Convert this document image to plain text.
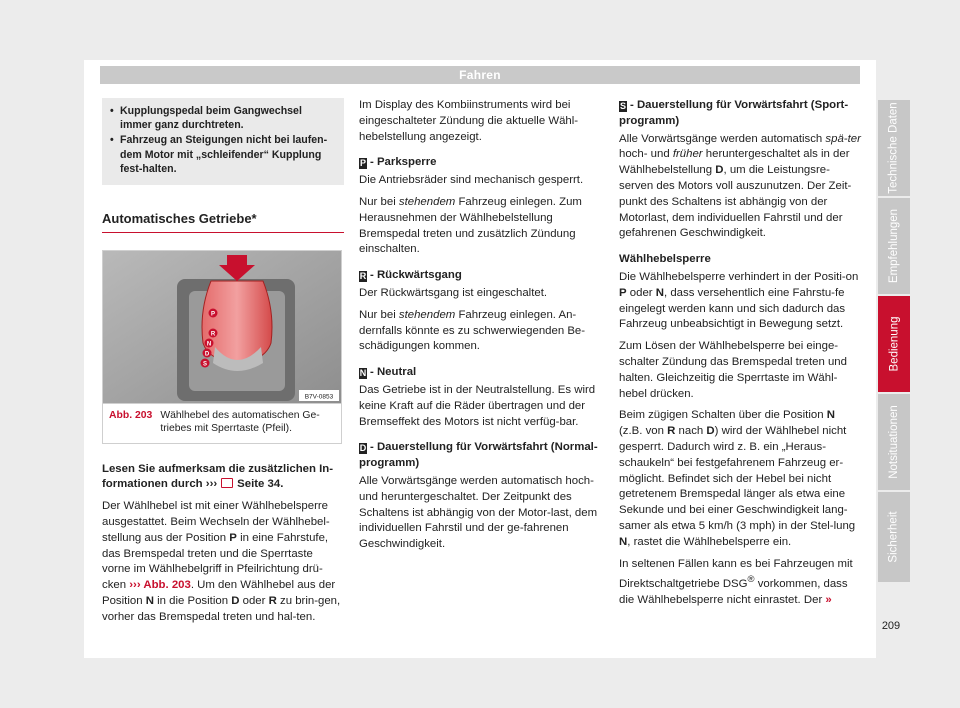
Fahren
• Kupplungspedal beim Gangwechsel immer ganz durchtreten.
• Fahrzeug an Steigungen nicht bei laufen-dem Motor mit „schleifender“ Kupplung fest-halten.
Automatisches Getriebe*
P
R
N
D
S
B7V-0853
Abb. 203 Wählhebel des automatischen Ge-triebes mit Sperrtaste (Pfeil).

Lesen Sie aufmerksam die zusätzlichen In-formationen durch ››› Seite 34.

Der Wählhebel ist mit einer Wählhebelsperre ausgestattet. Beim Wechseln der Wählhebel-stellung aus der Position P in eine Fahrstufe, das Bremspedal treten und die Sperrtaste vorne im Wählhebelgriff in Pfeilrichtung drü-cken ››› Abb. 203. Um den Wählhebel aus der Position N in die Position D oder R zu brin-gen, vorher das Bremspedal treten und hal-ten.

Im Display des Kombiinstruments wird bei eingeschalteter Zündung die aktuelle Wähl-hebelstellung angezeigt.

P - Parksperre

Die Antriebsräder sind mechanisch gesperrt.

Nur bei stehendem Fahrzeug einlegen. Zum Herausnehmen der Wählhebelstellung Bremspedal treten und zusätzlich Zündung einschalten.

R - Rückwärtsgang

Der Rückwärtsgang ist eingeschaltet.

Nur bei stehendem Fahrzeug einlegen. An-dernfalls könnte es zu schwerwiegenden Be-schädigungen kommen.

N - Neutral

Das Getriebe ist in der Neutralstellung. Es wird keine Kraft auf die Räder übertragen und der Bremseffekt des Motors ist nicht verfüg-bar.

D - Dauerstellung für Vorwärtsfahrt (Normal-programm)

Alle Vorwärtsgänge werden automatisch hoch- und heruntergeschaltet. Der Zeitpunkt des Schaltens ist abhängig von der Motor-last, dem individuellen Fahrstil und der ge-fahrenen Geschwindigkeit.

S - Dauerstellung für Vorwärtsfahrt (Sport-programm)

Alle Vorwärtsgänge werden automatisch spä-ter hoch- und früher heruntergeschaltet als in der Wählhebelstellung D, um die Leistungsre-serven des Motors voll auszunutzen. Der Zeit-punkt des Schaltens ist abhängig von der Motorlast, dem individuellen Fahrstil und der gefahrenen Geschwindigkeit.

Wählhebelsperre

Die Wählhebelsperre verhindert in der Positi-on P oder N, dass versehentlich eine Fahrstu-fe eingelegt werden kann und sich dadurch das Fahrzeug unbeabsichtigt in Bewegung setzt.

Zum Lösen der Wählhebelsperre bei einge-schalter Zündung das Bremspedal treten und halten. Gleichzeitig die Sperrtaste im Wähl-hebel drücken.

Beim zügigen Schalten über die Position N (z.B. von R nach D) wird der Wählhebel nicht gesperrt. Dadurch wird z. B. ein „Heraus-schaukeln“ bei festgefahrenem Fahrzeug er-möglicht. Befindet sich der Hebel bei nicht getretenem Bremspedal länger als etwa eine Sekunde und bei einer Geschwindigkeit lang-samer als etwa 5 km/h (3 mph) in der Stel-lung N, rastet die Wählhebelsperre ein.

In seltenen Fällen kann es bei Fahrzeugen mit Direktschaltgetriebe DSG® vorkommen, dass die Wählhebelsperre nicht einrastet. Der »

Technische Daten
Empfehlungen
Bedienung
Notsituationen
Sicherheit
209
